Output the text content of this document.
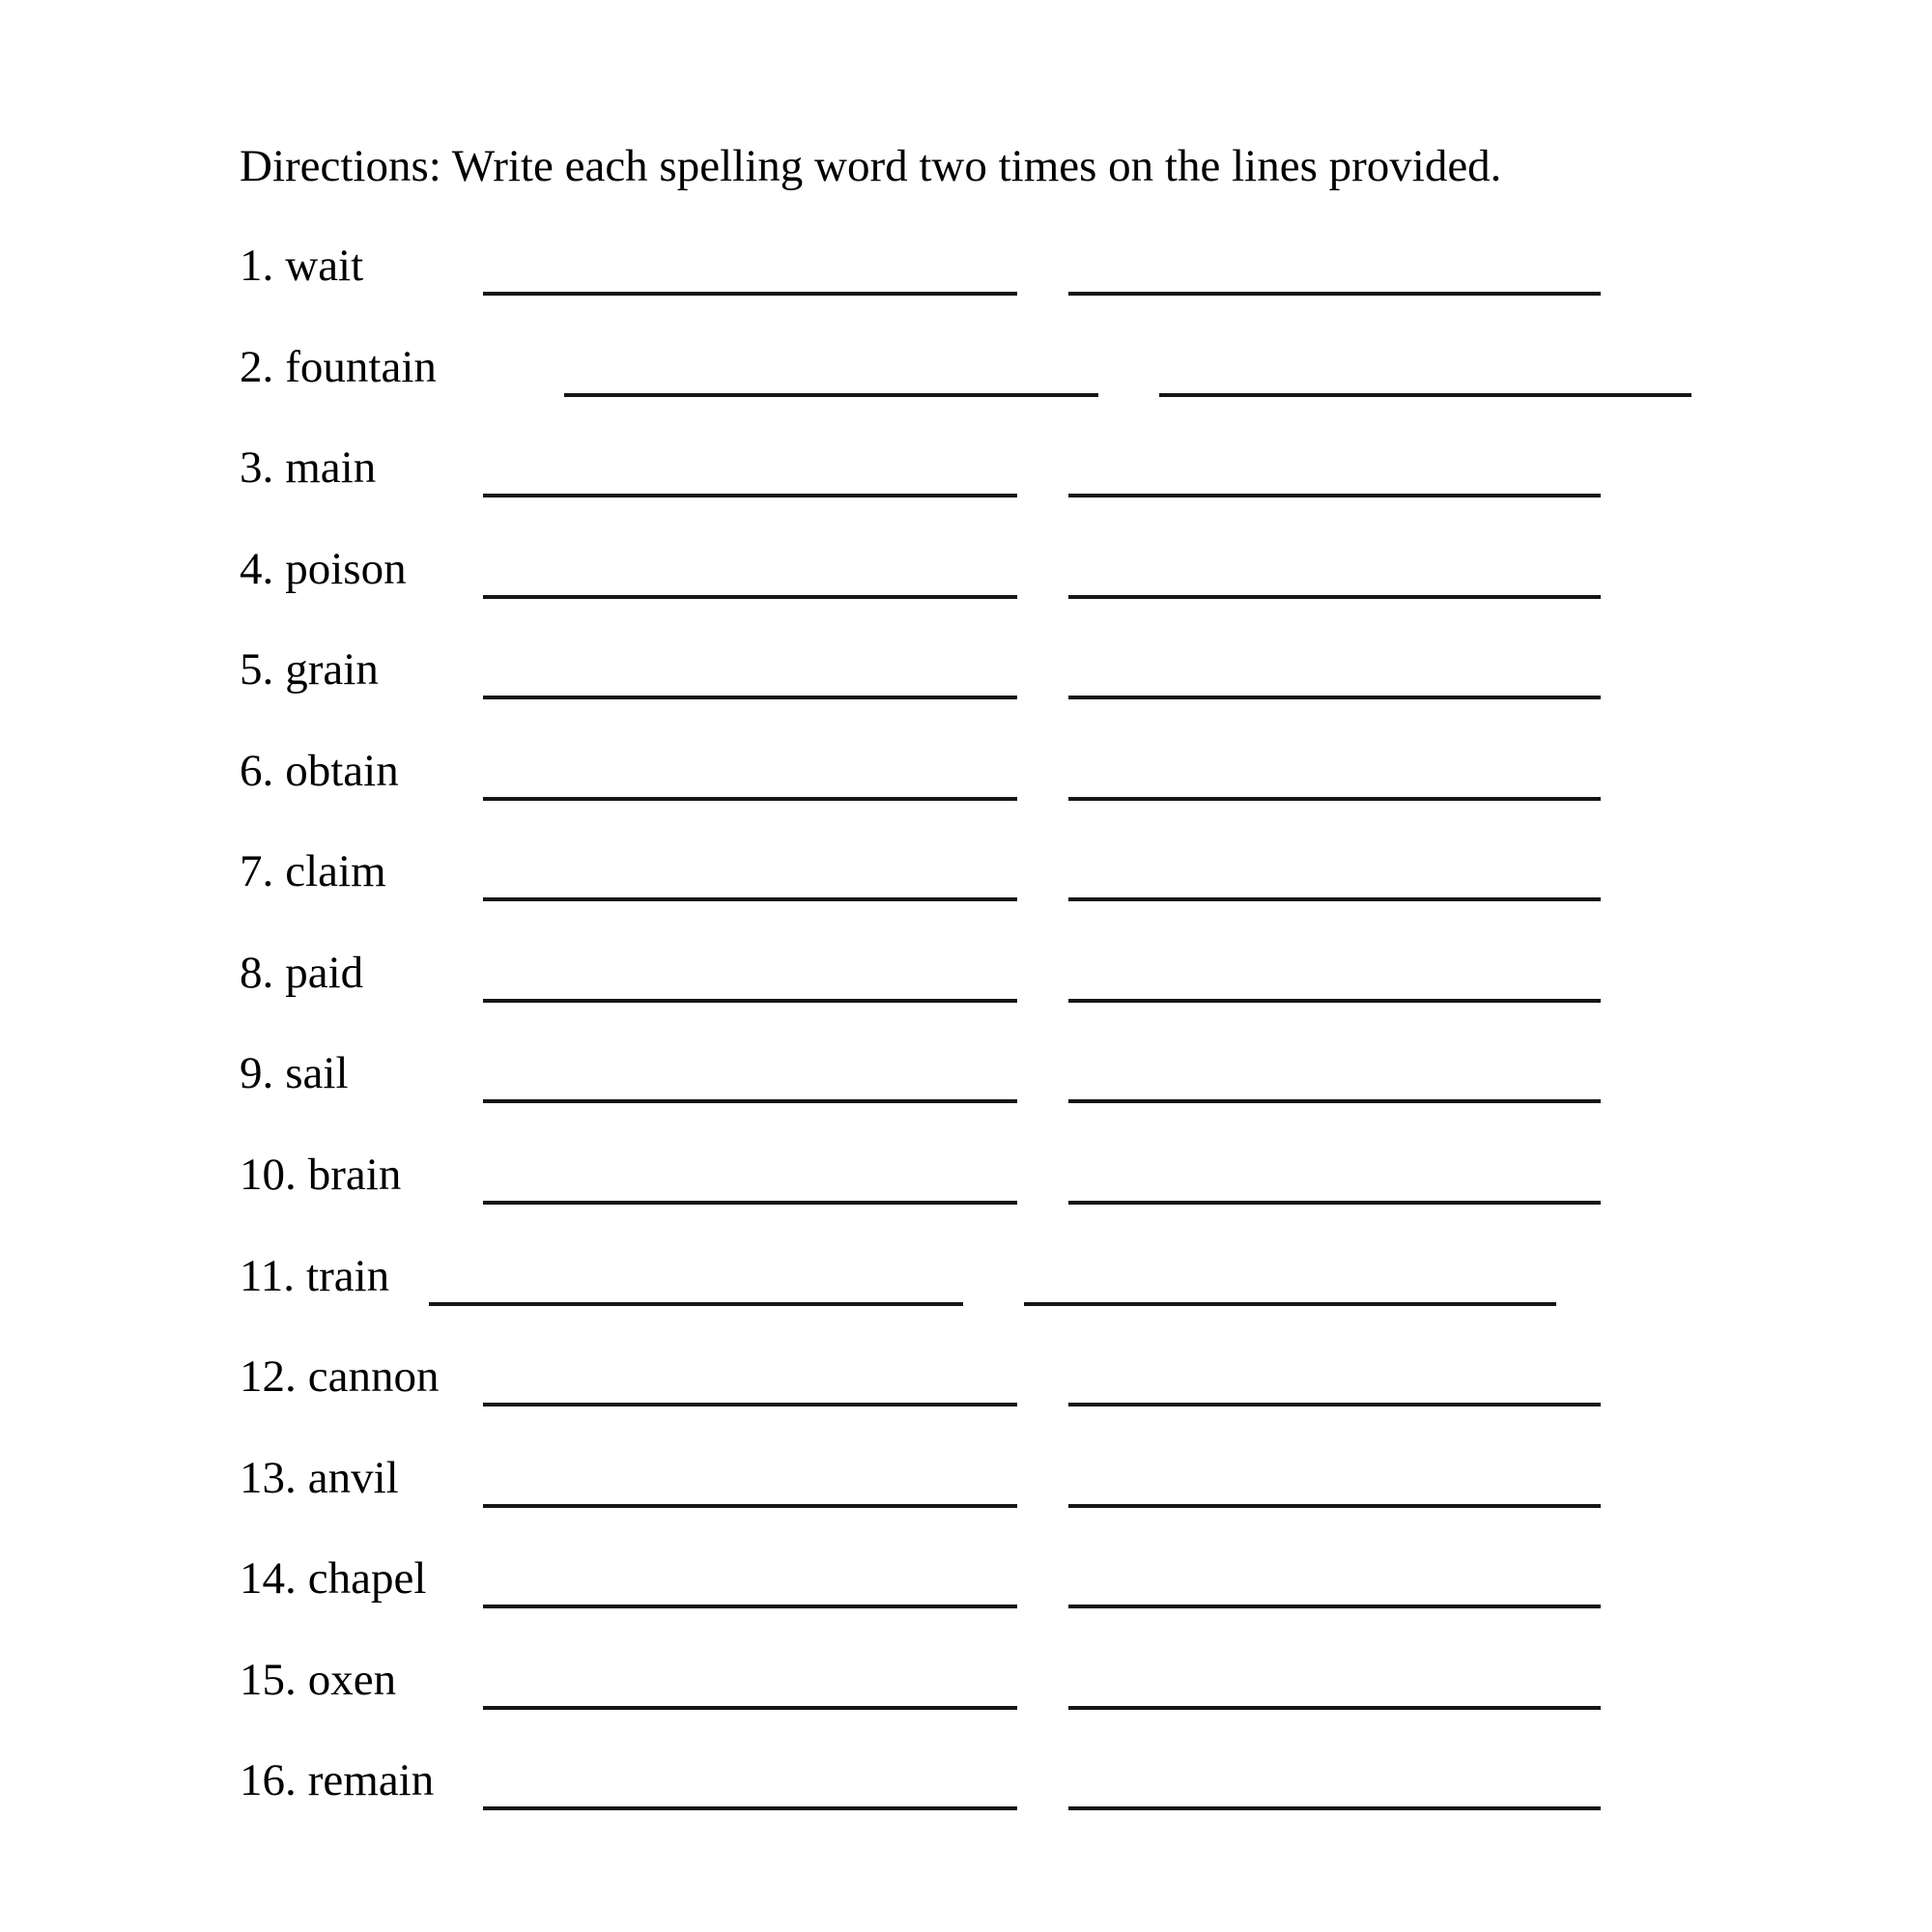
Directions: Write each spelling word two times on the lines provided.
1. wait
2. fountain
3. main
4. poison
5. grain
6. obtain
7. claim
8. paid
9. sail
10. brain
11. train
12. cannon
13. anvil
14. chapel
15. oxen
16. remain
